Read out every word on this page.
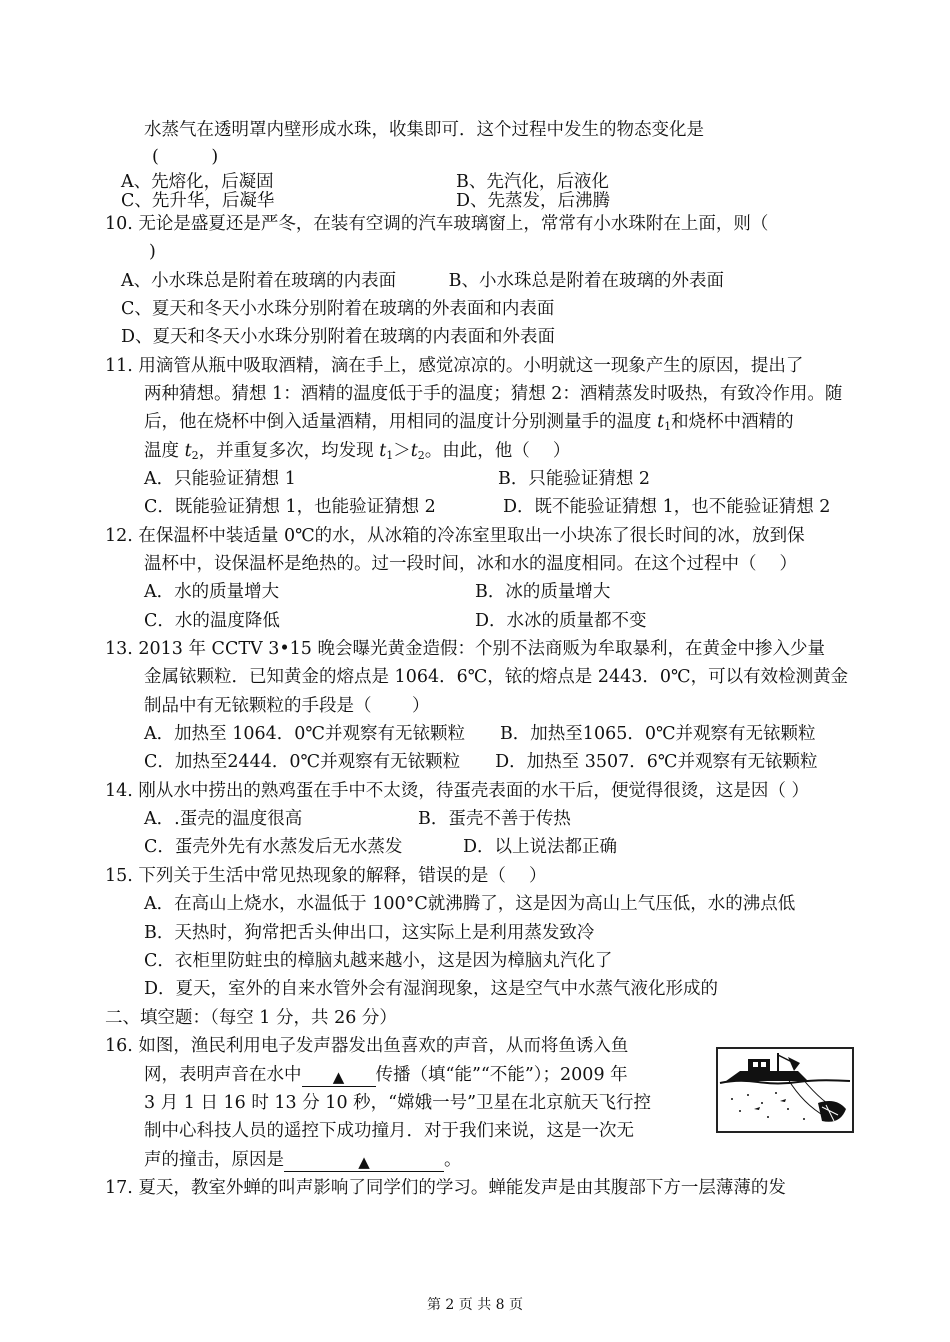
水蒸气在透明罩内壁形成水珠，收集即可．这个过程中发生的物态变化是
(　　　)
A、先熔化，后凝固	B、先汽化，后液化
C、先升华，后凝华	D、先蒸发，后沸腾
10. 无论是盛夏还是严冬，在装有空调的汽车玻璃窗上，常常有小水珠附在上面，则（
)
A、小水珠总是附着在玻璃的内表面　　　B、小水珠总是附着在玻璃的外表面
C、夏天和冬天小水珠分别附着在玻璃的外表面和内表面
D、夏天和冬天小水珠分别附着在玻璃的内表面和外表面
11. 用滴管从瓶中吸取酒精，滴在手上，感觉凉凉的。小明就这一现象产生的原因，提出了
两种猜想。猜想 1：酒精的温度低于手的温度；猜想 2：酒精蒸发时吸热，有致冷作用。随
后，他在烧杯中倒入适量酒精，用相同的温度计分别测量手的温度 $t_1$和烧杯中酒精的
温度 $t_2$，并重复多次，均发现 $t_1>t_2$。由此，他（　 ）
A．只能验证猜想 1	B．只能验证猜想 2
C．既能验证猜想 1，也能验证猜想 2	D．既不能验证猜想 1，也不能验证猜想 2
12. 在保温杯中装适量 0℃的水，从冰箱的冷冻室里取出一小块冻了很长时间的冰，放到保
温杯中，设保温杯是绝热的。过一段时间，冰和水的温度相同。在这个过程中（　 ）
A．水的质量增大	B．冰的质量增大
C．水的温度降低	D．水冰的质量都不变
13. 2013 年 CCTV 3•15 晚会曝光黄金造假：个别不法商贩为牟取暴利，在黄金中掺入少量
金属铱颗粒．已知黄金的熔点是 1064．6℃，铱的熔点是 2443．0℃，可以有效检测黄金
制品中有无铱颗粒的手段是（　　 ）
A．加热至 1064．0℃并观察有无铱颗粒　　B．加热至1065．0℃并观察有无铱颗粒
C．加热至2444．0℃并观察有无铱颗粒　　D．加热至 3507．6℃并观察有无铱颗粒
14. 刚从水中捞出的熟鸡蛋在手中不太烫，待蛋壳表面的水干后，便觉得很烫，这是因（ ）
A．.蛋壳的温度很高	B．蛋壳不善于传热
C．蛋壳外先有水蒸发后无水蒸发	D．以上说法都正确
15. 下列关于生活中常见热现象的解释，错误的是（　 ）
A．在高山上烧水，水温低于 100°C就沸腾了，这是因为高山上气压低，水的沸点低
B．天热时，狗常把舌头伸出口，这实际上是利用蒸发致冷
C．衣柜里防蛀虫的樟脑丸越来越小，这是因为樟脑丸汽化了
D．夏天，室外的自来水管外会有湿润现象，这是空气中水蒸气液化形成的
二、填空题：（每空 1 分，共 26 分）
16. 如图，渔民利用电子发声器发出鱼喜欢的声音，从而将鱼诱入鱼
网，表明声音在水中 ▲ 传播（填“能”“不能”）；2009 年
3 月 1 日 16 时 13 分 10 秒，“嫦娥一号”卫星在北京航天飞行控
制中心科技人员的遥控下成功撞月．对于我们来说，这是一次无
声的撞击，原因是	▲	。
17. 夏天，教室外蝉的叫声影响了同学们的学习。蝉能发声是由其腹部下方一层薄薄的发
第 2 页 共 8 页
